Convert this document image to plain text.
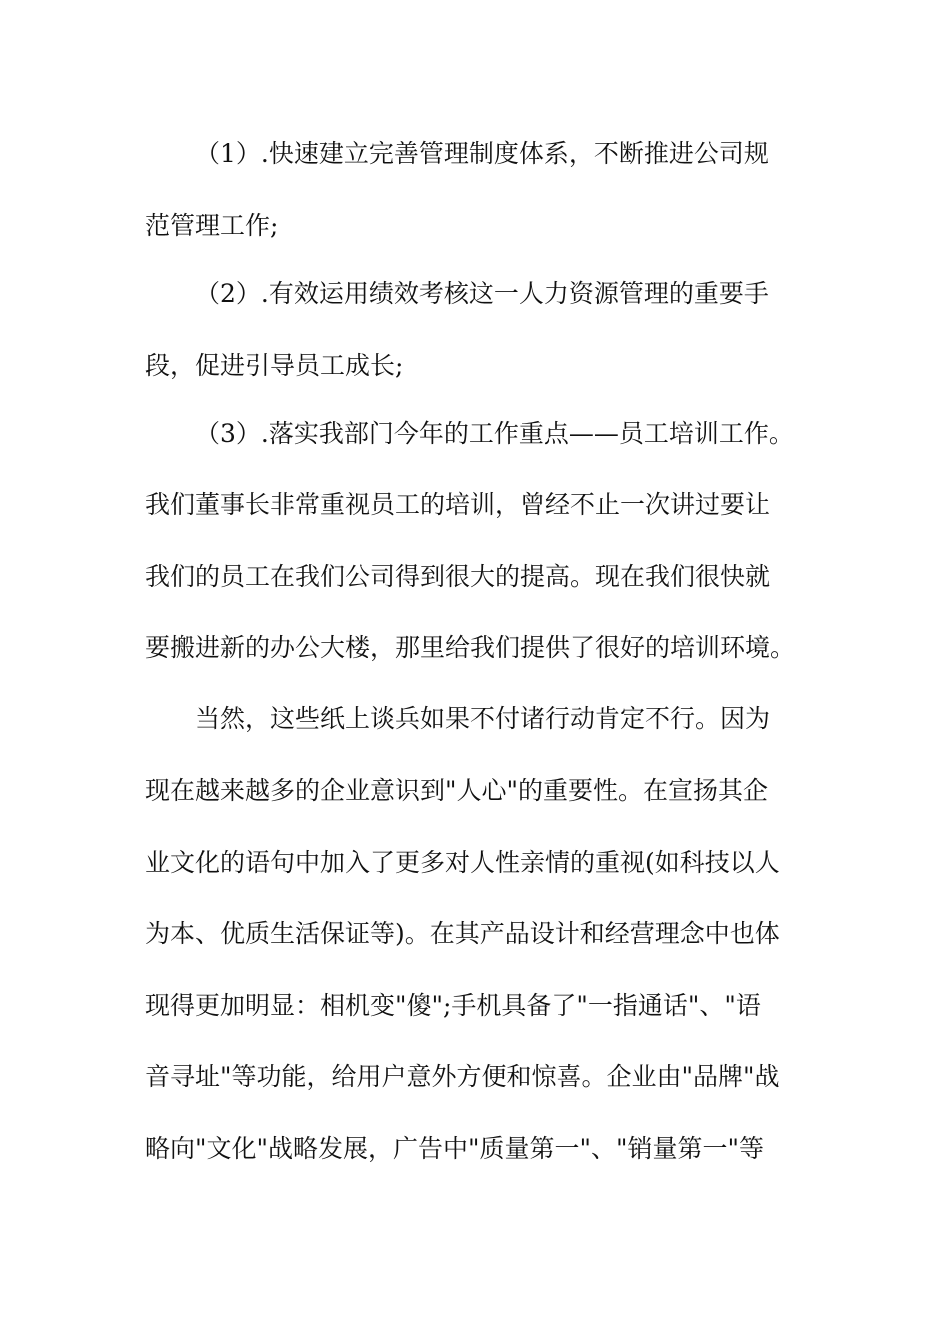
（1）.快速建立完善管理制度体系，不断推进公司规
范管理工作;
（2）.有效运用绩效考核这一人力资源管理的重要手
段，促进引导员工成长;
（3）.落实我部门今年的工作重点——员工培训工作。
我们董事长非常重视员工的培训，曾经不止一次讲过要让
我们的员工在我们公司得到很大的提高。现在我们很快就
要搬进新的办公大楼，那里给我们提供了很好的培训环境。
当然，这些纸上谈兵如果不付诸行动肯定不行。因为
现在越来越多的企业意识到"人心"的重要性。在宣扬其企
业文化的语句中加入了更多对人性亲情的重视(如科技以人
为本、优质生活保证等)。在其产品设计和经营理念中也体
现得更加明显：相机变"傻";手机具备了"一指通话"、"语
音寻址"等功能，给用户意外方便和惊喜。企业由"品牌"战
略向"文化"战略发展，广告中"质量第一"、"销量第一"等
